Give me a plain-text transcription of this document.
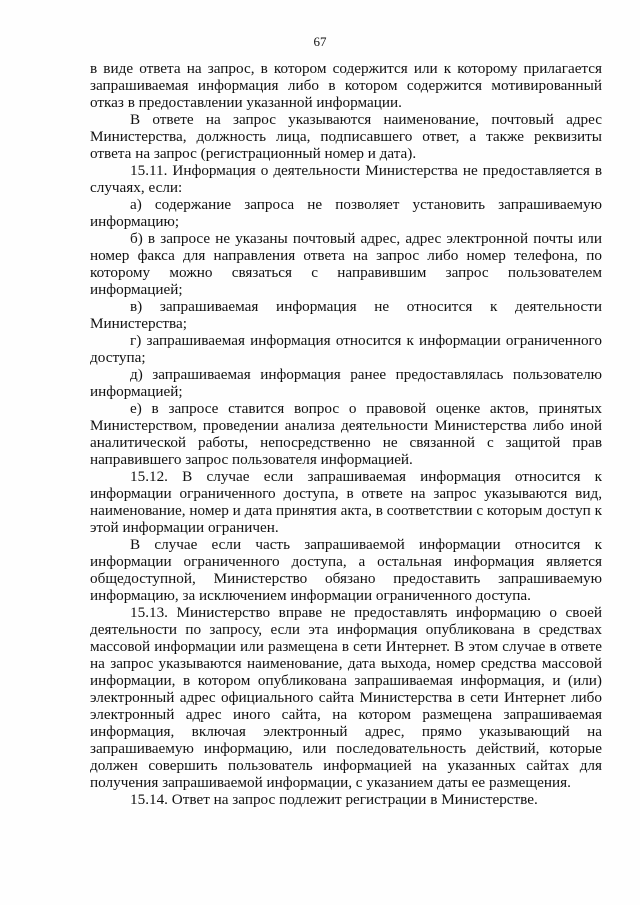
67

в виде ответа на запрос, в котором содержится или к которому прилагается запрашиваемая информация либо в котором содержится мотивированный отказ в предоставлении указанной информации.

В ответе на запрос указываются наименование, почтовый адрес Министерства, должность лица, подписавшего ответ, а также реквизиты ответа на запрос (регистрационный номер и дата).

15.11. Информация о деятельности Министерства не предоставляется в случаях, если:

а) содержание запроса не позволяет установить запрашиваемую информацию;

б) в запросе не указаны почтовый адрес, адрес электронной почты или номер факса для направления ответа на запрос либо номер телефона, по которому можно связаться с направившим запрос пользователем информацией;

в) запрашиваемая информация не относится к деятельности Министерства;

г) запрашиваемая информация относится к информации ограниченного доступа;

д) запрашиваемая информация ранее предоставлялась пользователю информацией;

е) в запросе ставится вопрос о правовой оценке актов, принятых Министерством, проведении анализа деятельности Министерства либо иной аналитической работы, непосредственно не связанной с защитой прав направившего запрос пользователя информацией.

15.12. В случае если запрашиваемая информация относится к информации ограниченного доступа, в ответе на запрос указываются вид, наименование, номер и дата принятия акта, в соответствии с которым доступ к этой информации ограничен.

В случае если часть запрашиваемой информации относится к информации ограниченного доступа, а остальная информация является общедоступной, Министерство обязано предоставить запрашиваемую информацию, за исключением информации ограниченного доступа.

15.13. Министерство вправе не предоставлять информацию о своей деятельности по запросу, если эта информация опубликована в средствах массовой информации или размещена в сети Интернет. В этом случае в ответе на запрос указываются наименование, дата выхода, номер средства массовой информации, в котором опубликована запрашиваемая информация, и (или) электронный адрес официального сайта Министерства в сети Интернет либо электронный адрес иного сайта, на котором размещена запрашиваемая информация, включая электронный адрес, прямо указывающий на запрашиваемую информацию, или последовательность действий, которые должен совершить пользователь информацией на указанных сайтах для получения запрашиваемой информации, с указанием даты ее размещения.

15.14. Ответ на запрос подлежит регистрации в Министерстве.
